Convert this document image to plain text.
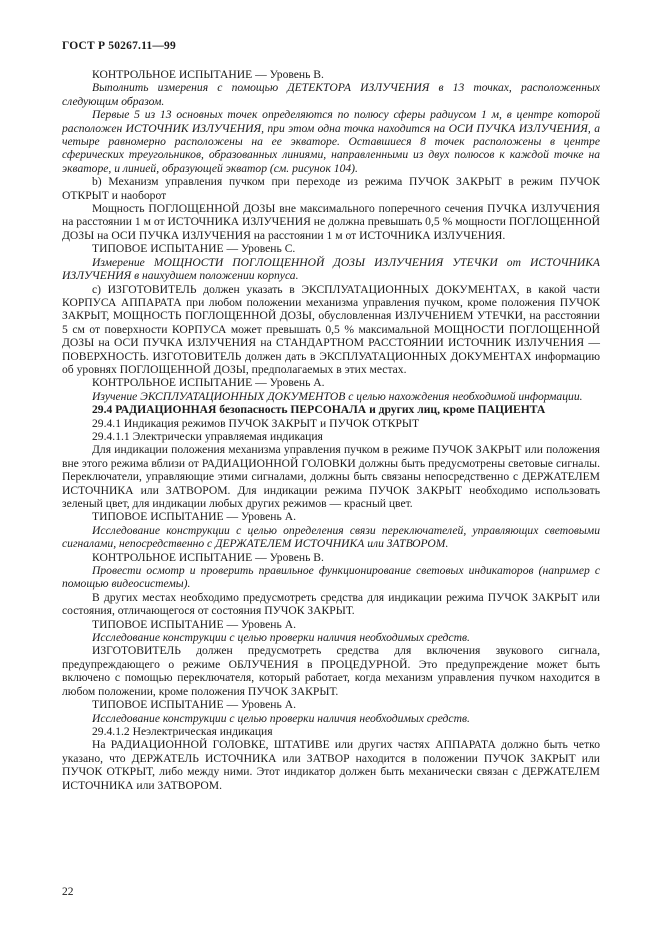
ГОСТ Р 50267.11—99

КОНТРОЛЬНОЕ ИСПЫТАНИЕ — Уровень В.

Выполнить измерения с помощью ДЕТЕКТОРА ИЗЛУЧЕНИЯ в 13 точках, расположенных следующим образом.

Первые 5 из 13 основных точек определяются по полюсу сферы радиусом 1 м, в центре которой расположен ИСТОЧНИК ИЗЛУЧЕНИЯ, при этом одна точка находится на ОСИ ПУЧКА ИЗЛУЧЕНИЯ, а четыре равномерно расположены на ее экваторе. Оставшиеся 8 точек расположены в центре сферических треугольников, образованных линиями, направленными из двух полюсов к каждой точке на экваторе, и линией, образующей экватор (см. рисунок 104).

b) Механизм управления пучком при переходе из режима ПУЧОК ЗАКРЫТ в режим ПУЧОК ОТКРЫТ и наоборот

Мощность ПОГЛОЩЕННОЙ ДОЗЫ вне максимального поперечного сечения ПУЧКА ИЗЛУЧЕНИЯ на расстоянии 1 м от ИСТОЧНИКА ИЗЛУЧЕНИЯ не должна превышать 0,5 % мощности ПОГЛОЩЕННОЙ ДОЗЫ на ОСИ ПУЧКА ИЗЛУЧЕНИЯ на расстоянии 1 м от ИСТОЧНИКА ИЗЛУЧЕНИЯ.

ТИПОВОЕ ИСПЫТАНИЕ — Уровень С.

Измерение МОЩНОСТИ ПОГЛОЩЕННОЙ ДОЗЫ ИЗЛУЧЕНИЯ УТЕЧКИ от ИСТОЧНИКА ИЗЛУЧЕНИЯ в наихудшем положении корпуса.

c) ИЗГОТОВИТЕЛЬ должен указать в ЭКСПЛУАТАЦИОННЫХ ДОКУМЕНТАХ, в какой части КОРПУСА АППАРАТА при любом положении механизма управления пучком, кроме положения ПУЧОК ЗАКРЫТ, МОЩНОСТЬ ПОГЛОЩЕННОЙ ДОЗЫ, обусловленная ИЗЛУЧЕНИЕМ УТЕЧКИ, на расстоянии 5 см от поверхности КОРПУСА может превышать 0,5 % максимальной МОЩНОСТИ ПОГЛОЩЕННОЙ ДОЗЫ на ОСИ ПУЧКА ИЗЛУЧЕНИЯ на СТАНДАРТНОМ РАССТОЯНИИ ИСТОЧНИК ИЗЛУЧЕНИЯ — ПОВЕРХНОСТЬ. ИЗГОТОВИТЕЛЬ должен дать в ЭКСПЛУАТАЦИОННЫХ ДОКУМЕНТАХ информацию об уровнях ПОГЛОЩЕННОЙ ДОЗЫ, предполагаемых в этих местах.

КОНТРОЛЬНОЕ ИСПЫТАНИЕ — Уровень А.

Изучение ЭКСПЛУАТАЦИОННЫХ ДОКУМЕНТОВ с целью нахождения необходимой информации.

29.4 РАДИАЦИОННАЯ безопасность ПЕРСОНАЛА и других лиц, кроме ПАЦИЕНТА

29.4.1 Индикация режимов ПУЧОК ЗАКРЫТ и ПУЧОК ОТКРЫТ

29.4.1.1 Электрически управляемая индикация

Для индикации положения механизма управления пучком в режиме ПУЧОК ЗАКРЫТ или положения вне этого режима вблизи от РАДИАЦИОННОЙ ГОЛОВКИ должны быть предусмотрены световые сигналы. Переключатели, управляющие этими сигналами, должны быть связаны непосредственно с ДЕРЖАТЕЛЕМ ИСТОЧНИКА или ЗАТВОРОМ. Для индикации режима ПУЧОК ЗАКРЫТ необходимо использовать зеленый цвет, для индикации любых других режимов — красный цвет.

ТИПОВОЕ ИСПЫТАНИЕ — Уровень А.

Исследование конструкции с целью определения связи переключателей, управляющих световыми сигналами, непосредственно с ДЕРЖАТЕЛЕМ ИСТОЧНИКА или ЗАТВОРОМ.

КОНТРОЛЬНОЕ ИСПЫТАНИЕ — Уровень В.

Провести осмотр и проверить правильное функционирование световых индикаторов (например с помощью видеосистемы).

В других местах необходимо предусмотреть средства для индикации режима ПУЧОК ЗАКРЫТ или состояния, отличающегося от состояния ПУЧОК ЗАКРЫТ.

ТИПОВОЕ ИСПЫТАНИЕ — Уровень А.

Исследование конструкции с целью проверки наличия необходимых средств.

ИЗГОТОВИТЕЛЬ должен предусмотреть средства для включения звукового сигнала, предупреждающего о режиме ОБЛУЧЕНИЯ в ПРОЦЕДУРНОЙ. Это предупреждение может быть включено с помощью переключателя, который работает, когда механизм управления пучком находится в любом положении, кроме положения ПУЧОК ЗАКРЫТ.

ТИПОВОЕ ИСПЫТАНИЕ — Уровень А.

Исследование конструкции с целью проверки наличия необходимых средств.

29.4.1.2 Неэлектрическая индикация

На РАДИАЦИОННОЙ ГОЛОВКЕ, ШТАТИВЕ или других частях АППАРАТА должно быть четко указано, что ДЕРЖАТЕЛЬ ИСТОЧНИКА или ЗАТВОР находится в положении ПУЧОК ЗАКРЫТ или ПУЧОК ОТКРЫТ, либо между ними. Этот индикатор должен быть механически связан с ДЕРЖАТЕЛЕМ ИСТОЧНИКА или ЗАТВОРОМ.

22
